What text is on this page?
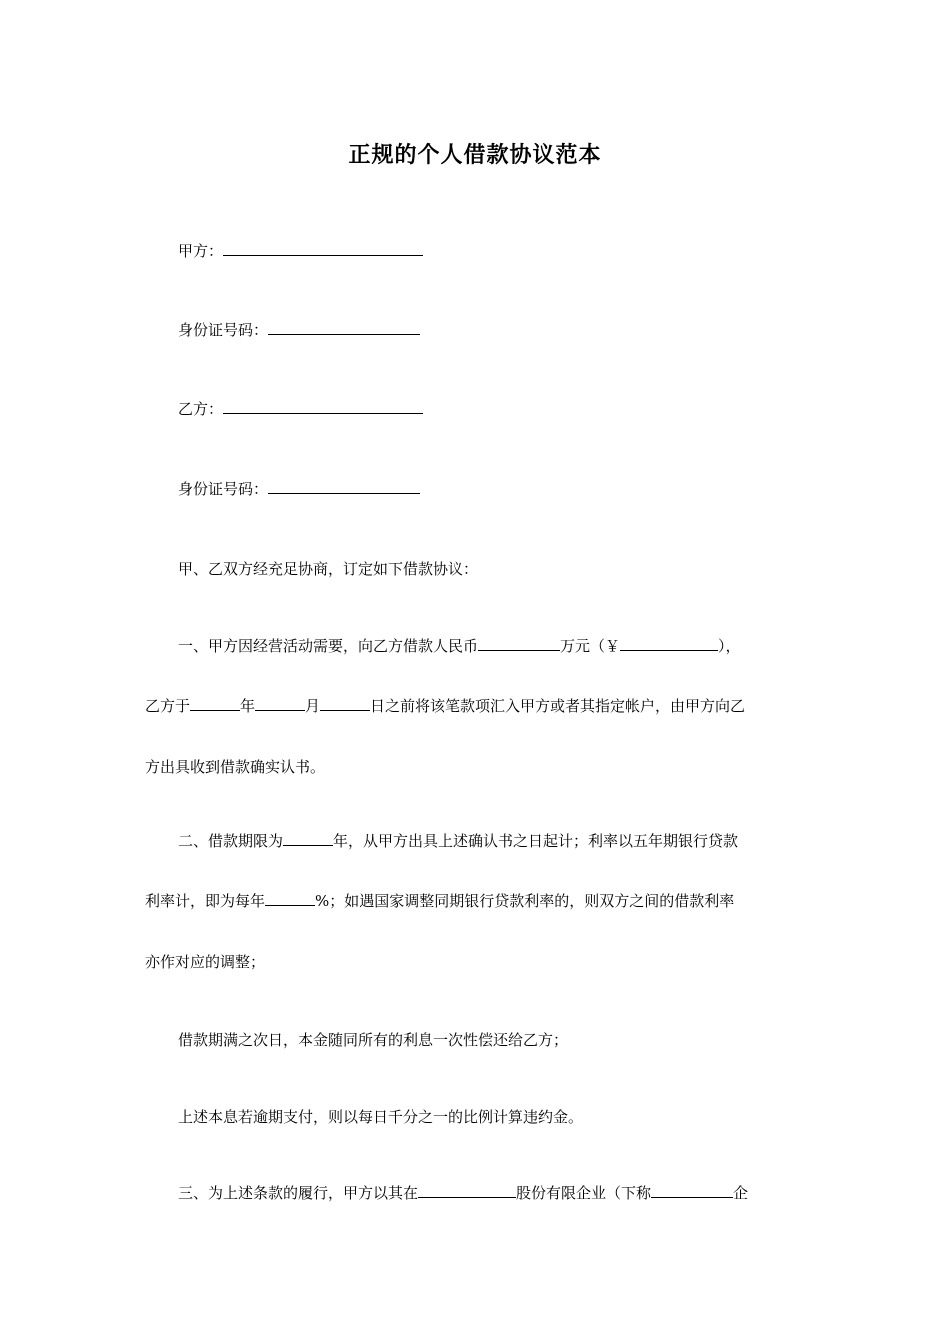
正规的个人借款协议范本
甲方：
身份证号码：
乙方：
身份证号码：
甲、乙双方经充足协商，订定如下借款协议：
一、甲方因经营活动需要，向乙方借款人民币	万元（￥	），
乙方于	年	月	日之前将该笔款项汇入甲方或者其指定帐户，由甲方向乙
方出具收到借款确实认书。
二、借款期限为	年，从甲方出具上述确认书之日起计；利率以五年期银行贷款
利率计，即为每年	%；如遇国家调整同期银行贷款利率的，则双方之间的借款利率
亦作对应的调整；
借款期满之次日，本金随同所有的利息一次性偿还给乙方；
上述本息若逾期支付，则以每日千分之一的比例计算违约金。
三、为上述条款的履行，甲方以其在	股份有限企业（下称	企
